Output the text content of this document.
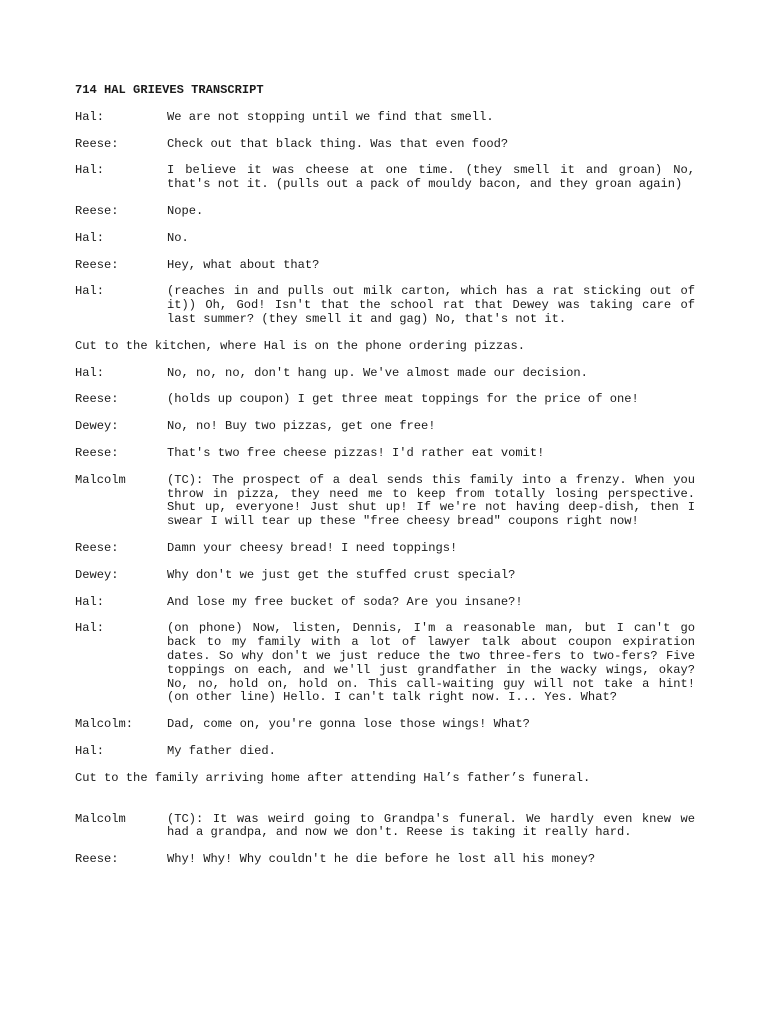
714 HAL GRIEVES TRANSCRIPT
Hal:	We are not stopping until we find that smell.
Reese:	Check out that black thing. Was that even food?
Hal:	I believe it was cheese at one time. (they smell it and groan) No, that's not it. (pulls out a pack of mouldy bacon, and they groan again)
Reese:	Nope.
Hal:	No.
Reese:	Hey, what about that?
Hal:	(reaches in and pulls out milk carton, which has a rat sticking out of it)) Oh, God! Isn't that the school rat that Dewey was taking care of last summer? (they smell it and gag) No, that's not it.
Cut to the kitchen, where Hal is on the phone ordering pizzas.
Hal:	No, no, no, don't hang up. We've almost made our decision.
Reese:	(holds up coupon) I get three meat toppings for the price of one!
Dewey:	No, no! Buy two pizzas, get one free!
Reese:	That's two free cheese pizzas! I'd rather eat vomit!
Malcolm	(TC): The prospect of a deal sends this family into a frenzy. When you throw in pizza, they need me to keep from totally losing perspective. Shut up, everyone! Just shut up! If we're not having deep-dish, then I swear I will tear up these "free cheesy bread" coupons right now!
Reese:	Damn your cheesy bread! I need toppings!
Dewey:	Why don't we just get the stuffed crust special?
Hal:	And lose my free bucket of soda? Are you insane?!
Hal:	(on phone) Now, listen, Dennis, I'm a reasonable man, but I can't go back to my family with a lot of lawyer talk about coupon expiration dates. So why don't we just reduce the two three-fers to two-fers? Five toppings on each, and we'll just grandfather in the wacky wings, okay? No, no, hold on, hold on. This call-waiting guy will not take a hint! (on other line) Hello. I can't talk right now. I... Yes. What?
Malcolm:	Dad, come on, you're gonna lose those wings! What?
Hal:	My father died.
Cut to the family arriving home after attending Hal’s father’s funeral.
Malcolm	(TC): It was weird going to Grandpa's funeral. We hardly even knew we had a grandpa, and now we don't. Reese is taking it really hard.
Reese:	Why! Why! Why couldn't he die before he lost all his money?
